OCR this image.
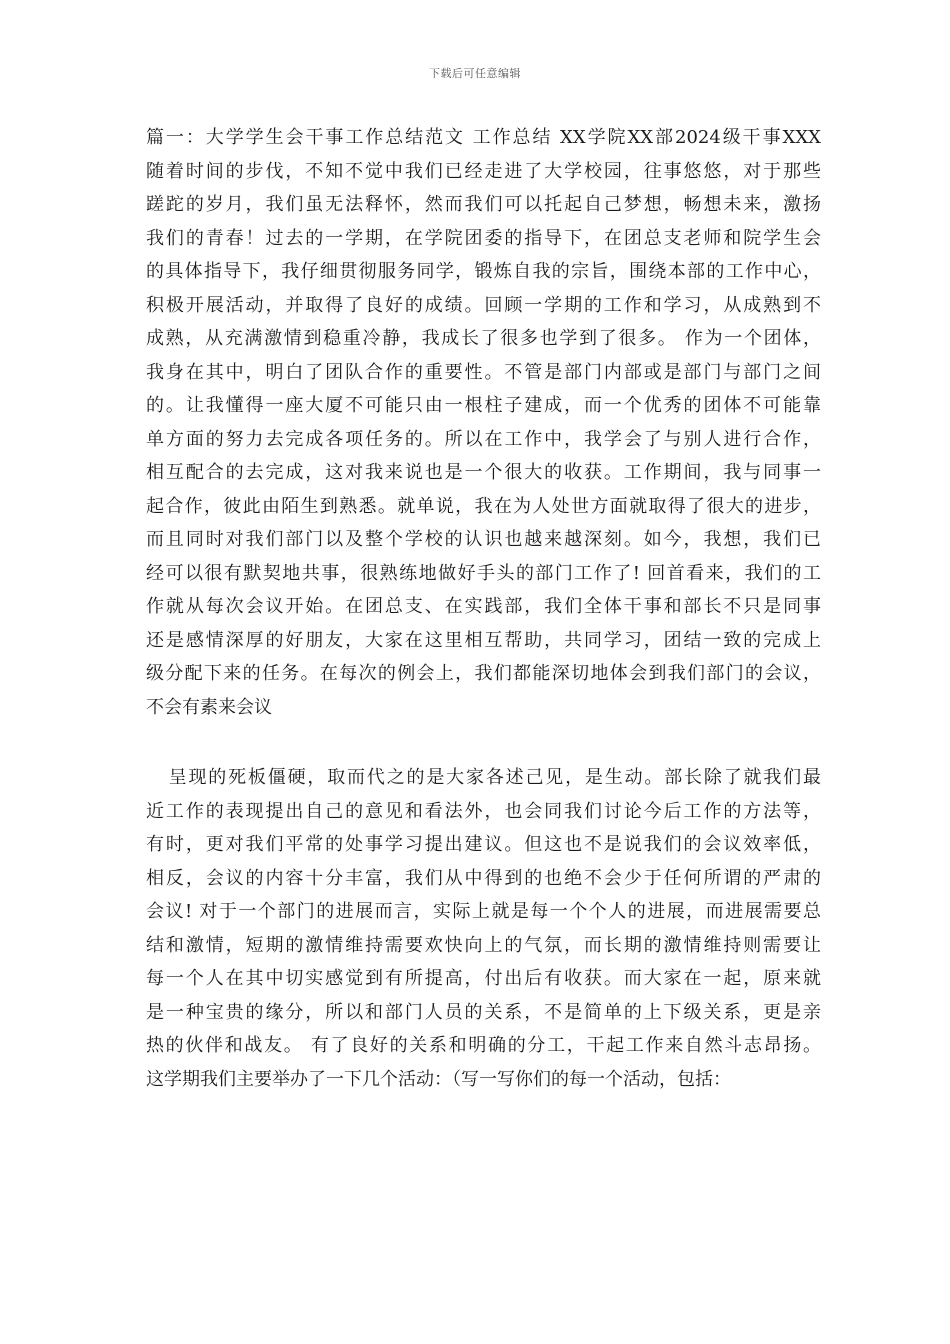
下载后可任意编辑
篇一：大学学生会干事工作总结范文 工作总结 XX学院XX部2024级干事XXX
随着时间的步伐，不知不觉中我们已经走进了大学校园，往事悠悠，对于那些
蹉跎的岁月，我们虽无法释怀，然而我们可以托起自己梦想，畅想未来，激扬
我们的青春！过去的一学期，在学院团委的指导下，在团总支老师和院学生会
的具体指导下，我仔细贯彻服务同学，锻炼自我的宗旨，围绕本部的工作中心，
积极开展活动，并取得了良好的成绩。回顾一学期的工作和学习，从成熟到不
成熟，从充满激情到稳重冷静，我成长了很多也学到了很多。 作为一个团体，
我身在其中，明白了团队合作的重要性。不管是部门内部或是部门与部门之间
的。让我懂得一座大厦不可能只由一根柱子建成，而一个优秀的团体不可能靠
单方面的努力去完成各项任务的。所以在工作中，我学会了与别人进行合作，
相互配合的去完成，这对我来说也是一个很大的收获。工作期间，我与同事一
起合作，彼此由陌生到熟悉。就单说，我在为人处世方面就取得了很大的进步，
而且同时对我们部门以及整个学校的认识也越来越深刻。如今，我想，我们已
经可以很有默契地共事，很熟练地做好手头的部门工作了! 回首看来，我们的工
作就从每次会议开始。在团总支、在实践部，我们全体干事和部长不只是同事
还是感情深厚的好朋友，大家在这里相互帮助，共同学习，团结一致的完成上
级分配下来的任务。在每次的例会上，我们都能深切地体会到我们部门的会议，
不会有素来会议
呈现的死板僵硬，取而代之的是大家各述己见，是生动。部长除了就我们最
近工作的表现提出自己的意见和看法外，也会同我们讨论今后工作的方法等，
有时，更对我们平常的处事学习提出建议。但这也不是说我们的会议效率低，
相反，会议的内容十分丰富，我们从中得到的也绝不会少于任何所谓的严肃的
会议! 对于一个部门的进展而言，实际上就是每一个个人的进展，而进展需要总
结和激情，短期的激情维持需要欢快向上的气氛，而长期的激情维持则需要让
每一个人在其中切实感觉到有所提高，付出后有收获。而大家在一起，原来就
是一种宝贵的缘分，所以和部门人员的关系，不是简单的上下级关系，更是亲
热的伙伴和战友。 有了良好的关系和明确的分工，干起工作来自然斗志昂扬。
这学期我们主要举办了一下几个活动：（写一写你们的每一个活动，包括：
